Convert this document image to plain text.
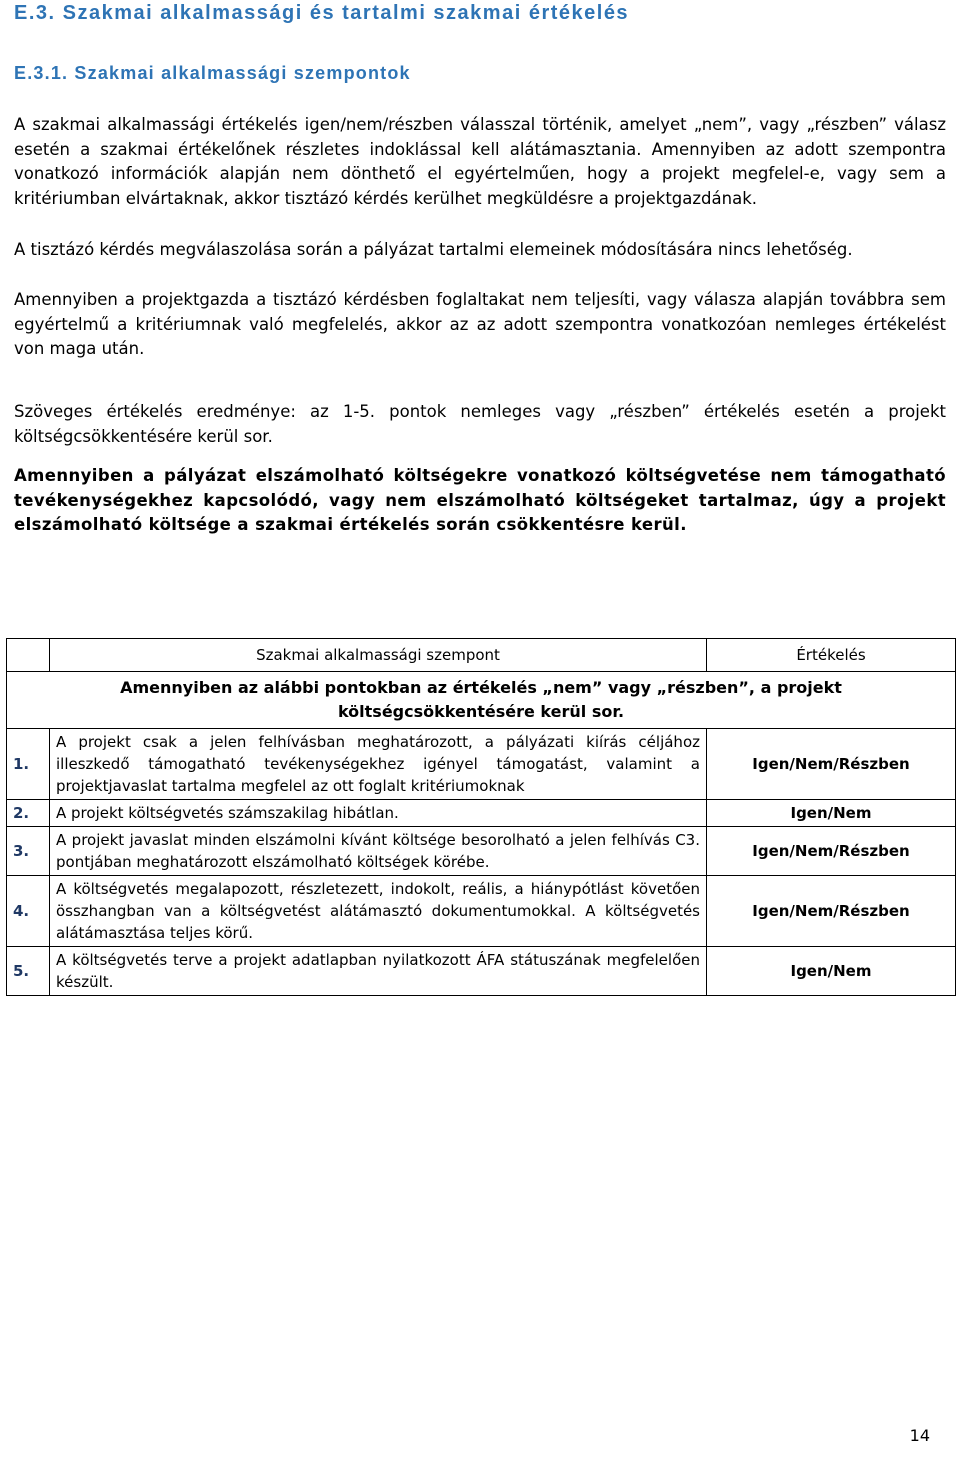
E.3. Szakmai alkalmassági és tartalmi szakmai értékelés
E.3.1. Szakmai alkalmassági szempontok

A szakmai alkalmassági értékelés igen/nem/részben válasszal történik, amelyet „nem”, vagy „részben” válasz esetén a szakmai értékelőnek részletes indoklással kell alátámasztania. Amennyiben az adott szempontra vonatkozó információk alapján nem dönthető el egyértelműen, hogy a projekt megfelel-e, vagy sem a kritériumban elvártaknak, akkor tisztázó kérdés kerülhet megküldésre a projektgazdának.

A tisztázó kérdés megválaszolása során a pályázat tartalmi elemeinek módosítására nincs lehetőség.

Amennyiben a projektgazda a tisztázó kérdésben foglaltakat nem teljesíti, vagy válasza alapján továbbra sem egyértelmű a kritériumnak való megfelelés, akkor az az adott szempontra vonatkozóan nemleges értékelést von maga után.

Szöveges értékelés eredménye: az 1-5. pontok nemleges vagy „részben” értékelés esetén a projekt költségcsökkentésére kerül sor.

Amennyiben a pályázat elszámolható költségekre vonatkozó költségvetése nem támogatható tevékenységekhez kapcsolódó, vagy nem elszámolható költségeket tartalmaz, úgy a projekt elszámolható költsége a szakmai értékelés során csökkentésre kerül.

	Szakmai alkalmassági szempont	Értékelés
Amennyiben az alábbi pontokban az értékelés „nem” vagy „részben”, a projekt költségcsökkentésére kerül sor.		
1.	A projekt csak a jelen felhívásban meghatározott, a pályázati kiírás céljához illeszkedő támogatható tevékenységekhez igényel támogatást, valamint a projektjavaslat tartalma megfelel az ott foglalt kritériumoknak	Igen/Nem/Részben
2.	A projekt költségvetés számszakilag hibátlan.	Igen/Nem
3.	A projekt javaslat minden elszámolni kívánt költsége besorolható a jelen felhívás C3. pontjában meghatározott elszámolható költségek körébe.	Igen/Nem/Részben
4.	A költségvetés megalapozott, részletezett, indokolt, reális, a hiánypótlást követően összhangban van a költségvetést alátámasztó dokumentumokkal. A költségvetés alátámasztása teljes körű.	Igen/Nem/Részben
5.	A költségvetés terve a projekt adatlapban nyilatkozott ÁFA státuszának megfelelően készült.	Igen/Nem
14
